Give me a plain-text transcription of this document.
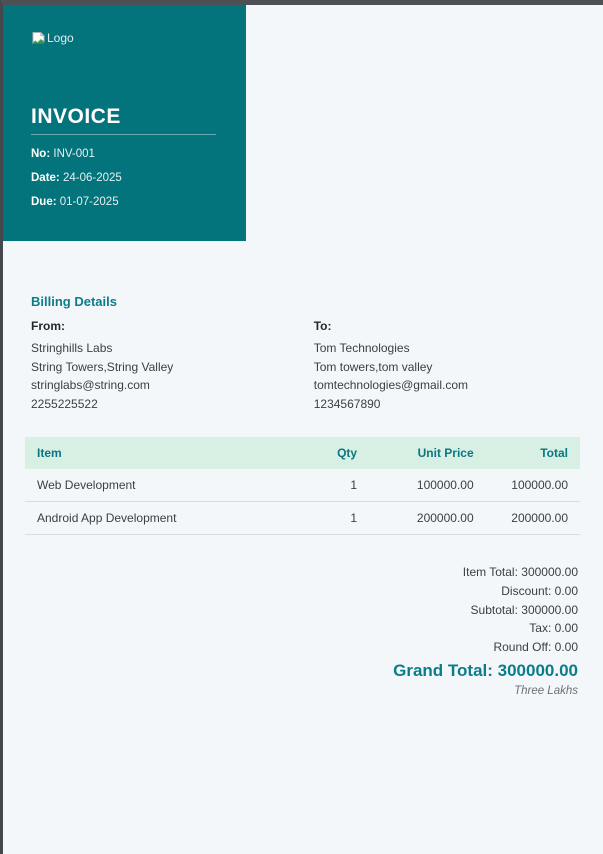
Logo
INVOICE

No: INV-001

Date: 24-06-2025

Due: 01-07-2025

Billing Details
From:
Stringhills Labs
String Towers,String Valley
stringlabs@string.com
2255225522
To:
Tom Technologies
Tom towers,tom valley
tomtechnologies@gmail.com
1234567890
Item	Qty	Unit Price	Total
Web Development	1	100000.00	100000.00
Android App Development	1	200000.00	200000.00
Item Total: 300000.00
Discount: 0.00
Subtotal: 300000.00
Tax: 0.00
Round Off: 0.00
Grand Total: 300000.00
Three Lakhs
